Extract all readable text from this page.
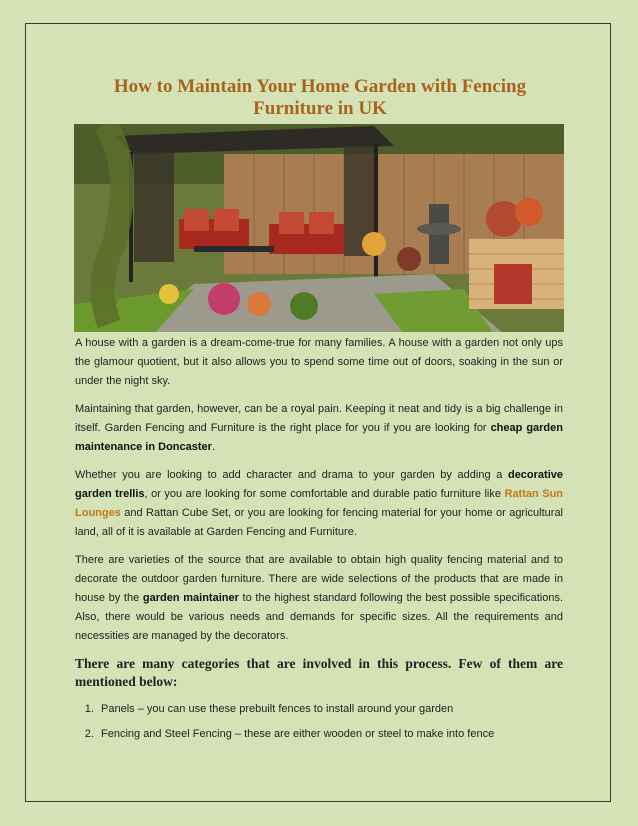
How to Maintain Your Home Garden with Fencing Furniture in UK

A house with a garden is a dream-come-true for many families. A house with a garden not only ups the glamour quotient, but it also allows you to spend some time out of doors, soaking in the sun or under the night sky.

Maintaining that garden, however, can be a royal pain. Keeping it neat and tidy is a big challenge in itself. Garden Fencing and Furniture is the right place for you if you are looking for cheap garden maintenance in Doncaster.

Whether you are looking to add character and drama to your garden by adding a decorative garden trellis, or you are looking for some comfortable and durable patio furniture like Rattan Sun Lounges and Rattan Cube Set, or you are looking for fencing material for your home or agricultural land, all of it is available at Garden Fencing and Furniture.

There are varieties of the source that are available to obtain high quality fencing material and to decorate the outdoor garden furniture. There are wide selections of the products that are made in house by the garden maintainer to the highest standard following the best possible specifications. Also, there would be various needs and demands for specific sizes. All the requirements and necessities are managed by the decorators.

There are many categories that are involved in this process. Few of them are mentioned below:
1. Panels – you can use these prebuilt fences to install around your garden
2. Fencing and Steel Fencing – these are either wooden or steel to make into fence
